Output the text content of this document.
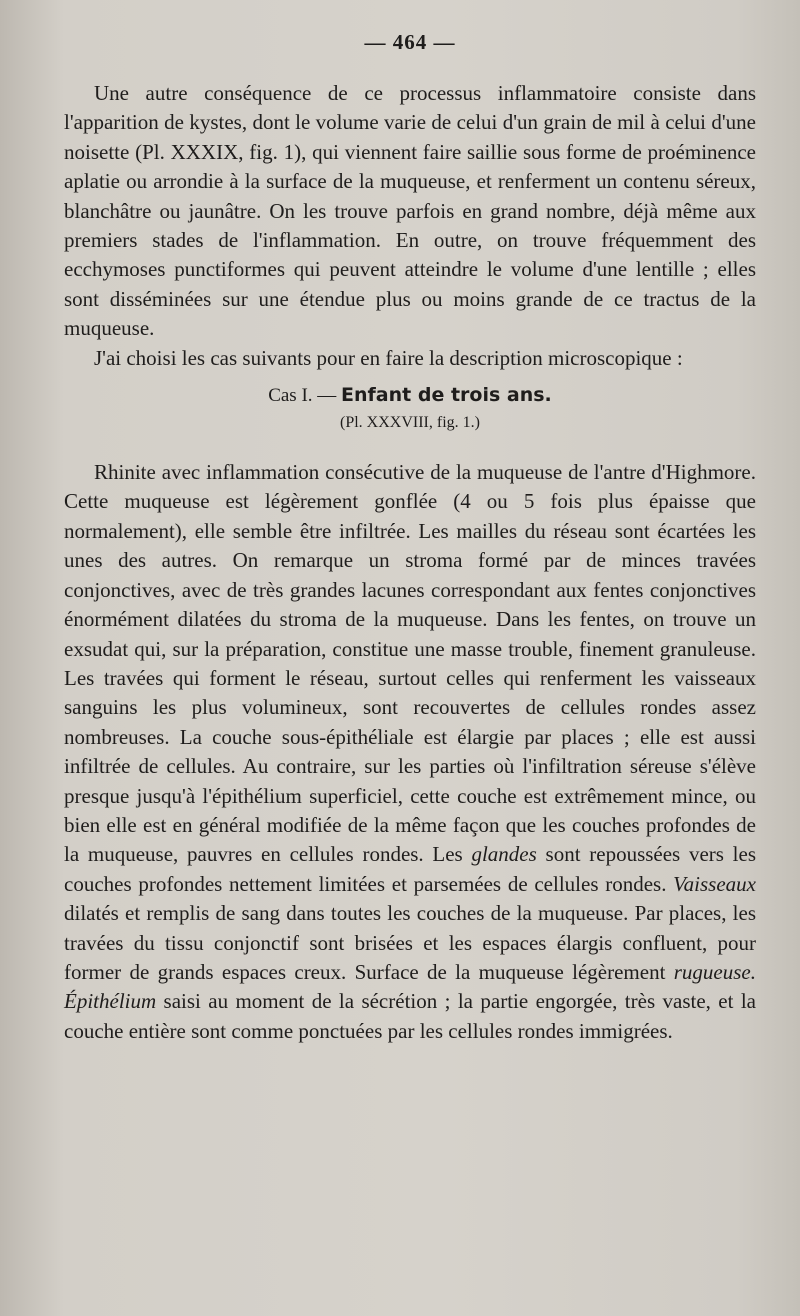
— 464 —

Une autre conséquence de ce processus inflammatoire consiste dans l'apparition de kystes, dont le volume varie de celui d'un grain de mil à celui d'une noisette (Pl. XXXIX, fig. 1), qui viennent faire saillie sous forme de proéminence aplatie ou arrondie à la surface de la muqueuse, et renferment un contenu séreux, blanchâtre ou jaunâtre. On les trouve parfois en grand nombre, déjà même aux premiers stades de l'inflammation. En outre, on trouve fréquemment des ecchymoses punctiformes qui peuvent atteindre le volume d'une lentille ; elles sont disséminées sur une étendue plus ou moins grande de ce tractus de la muqueuse.

J'ai choisi les cas suivants pour en faire la description microscopique :

Cas I. — Enfant de trois ans.
(Pl. XXXVIII, fig. 1.)

Rhinite avec inflammation consécutive de la muqueuse de l'antre d'Highmore. Cette muqueuse est légèrement gonflée (4 ou 5 fois plus épaisse que normalement), elle semble être infiltrée. Les mailles du réseau sont écartées les unes des autres. On remarque un stroma formé par de minces travées conjonctives, avec de très grandes lacunes correspondant aux fentes conjonctives énormément dilatées du stroma de la muqueuse. Dans les fentes, on trouve un exsudat qui, sur la préparation, constitue une masse trouble, finement granuleuse. Les travées qui forment le réseau, surtout celles qui renferment les vaisseaux sanguins les plus volumineux, sont recouvertes de cellules rondes assez nombreuses. La couche sous-épithéliale est élargie par places ; elle est aussi infiltrée de cellules. Au contraire, sur les parties où l'infiltration séreuse s'élève presque jusqu'à l'épithélium superficiel, cette couche est extrêmement mince, ou bien elle est en général modifiée de la même façon que les couches profondes de la muqueuse, pauvres en cellules rondes. Les glandes sont repoussées vers les couches profondes nettement limitées et parsemées de cellules rondes. Vaisseaux dilatés et remplis de sang dans toutes les couches de la muqueuse. Par places, les travées du tissu conjonctif sont brisées et les espaces élargis confluent, pour former de grands espaces creux. Surface de la muqueuse légèrement rugueuse. Épithélium saisi au moment de la sécrétion ; la partie engorgée, très vaste, et la couche entière sont comme ponctuées par les cellules rondes immigrées.
